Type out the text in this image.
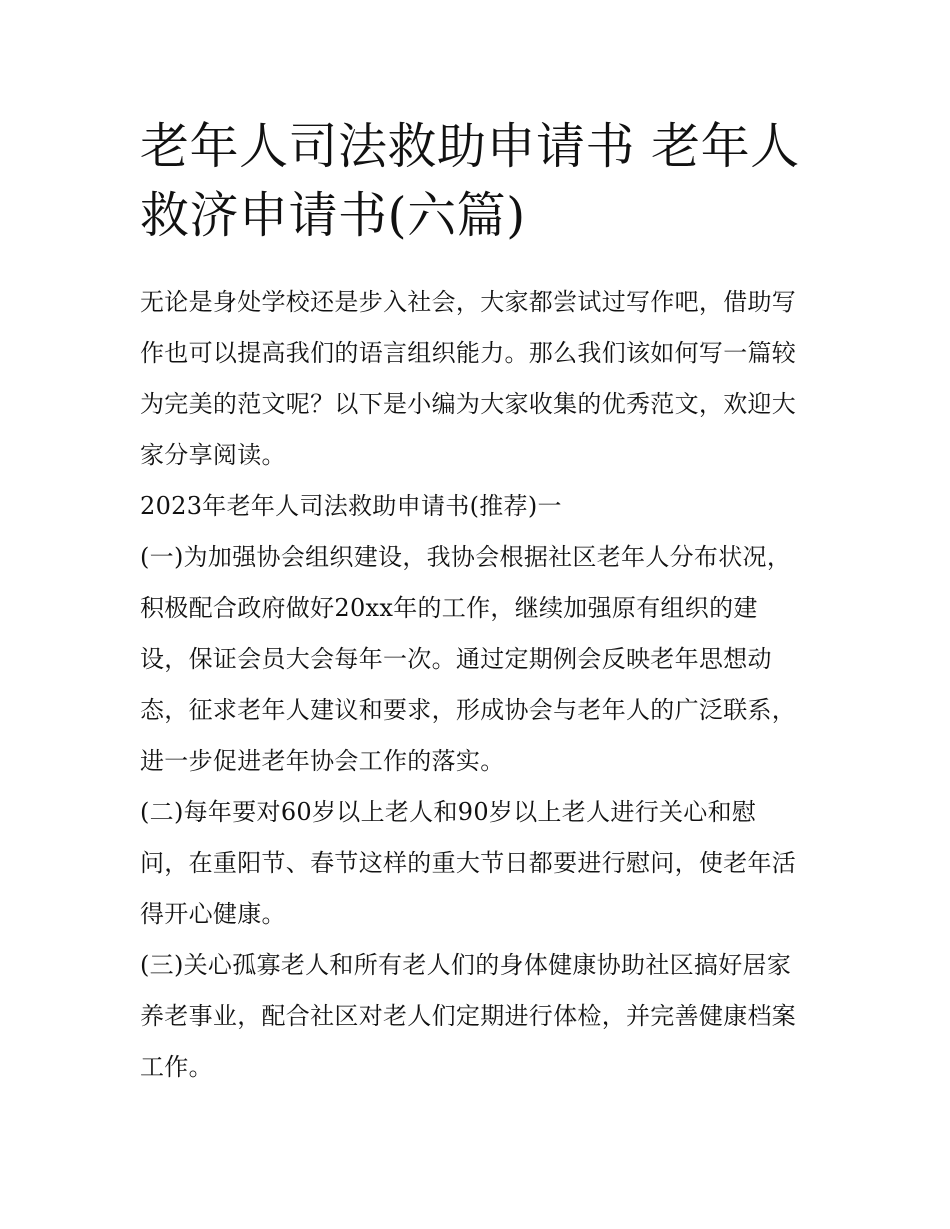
老年人司法救助申请书 老年人
救济申请书(六篇)

无论是身处学校还是步入社会，大家都尝试过写作吧，借助写
作也可以提高我们的语言组织能力。那么我们该如何写一篇较
为完美的范文呢？以下是小编为大家收集的优秀范文，欢迎大
家分享阅读。

2023年老年人司法救助申请书(推荐)一

(一)为加强协会组织建设，我协会根据社区老年人分布状况，
积极配合政府做好20xx年的工作，继续加强原有组织的建
设，保证会员大会每年一次。通过定期例会反映老年思想动
态，征求老年人建议和要求，形成协会与老年人的广泛联系，
进一步促进老年协会工作的落实。

(二)每年要对60岁以上老人和90岁以上老人进行关心和慰
问，在重阳节、春节这样的重大节日都要进行慰问，使老年活
得开心健康。

(三)关心孤寡老人和所有老人们的身体健康协助社区搞好居家
养老事业，配合社区对老人们定期进行体检，并完善健康档案
工作。
